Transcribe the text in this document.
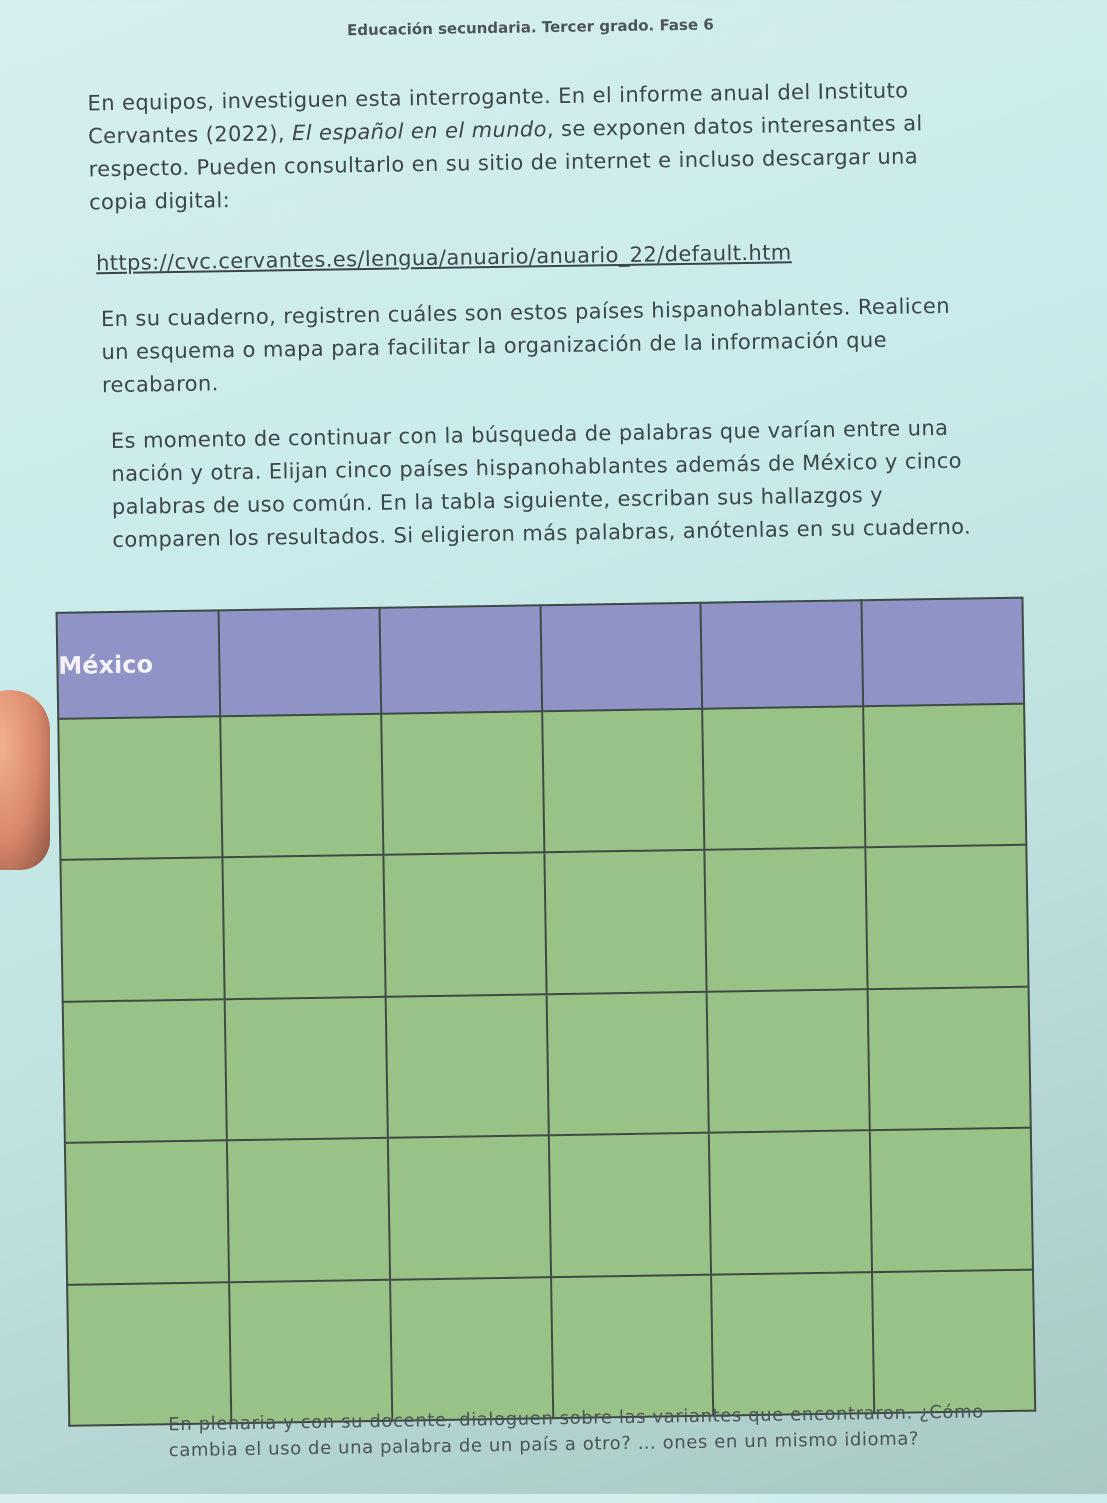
Educación secundaria. Tercer grado. Fase 6

En equipos, investiguen esta interrogante. En el informe anual del Instituto Cervantes (2022), El español en el mundo, se exponen datos interesantes al respecto. Pueden consultarlo en su sitio de internet e incluso descargar una copia digital:

https://cvc.cervantes.es/lengua/anuario/anuario_22/default.htm

En su cuaderno, registren cuáles son estos países hispanohablantes. Realicen un esquema o mapa para facilitar la organización de la información que recabaron.

Es momento de continuar con la búsqueda de palabras que varían entre una nación y otra. Elijan cinco países hispanohablantes además de México y cinco palabras de uso común. En la tabla siguiente, escriban sus hallazgos y comparen los resultados. Si eligieron más palabras, anótenlas en su cuaderno.

México					

En plenaria y con su docente, dialoguen sobre las variantes que encontraron. ¿Cómo cambia el uso de una palabra de un país a otro? … ones en un mismo idioma?
